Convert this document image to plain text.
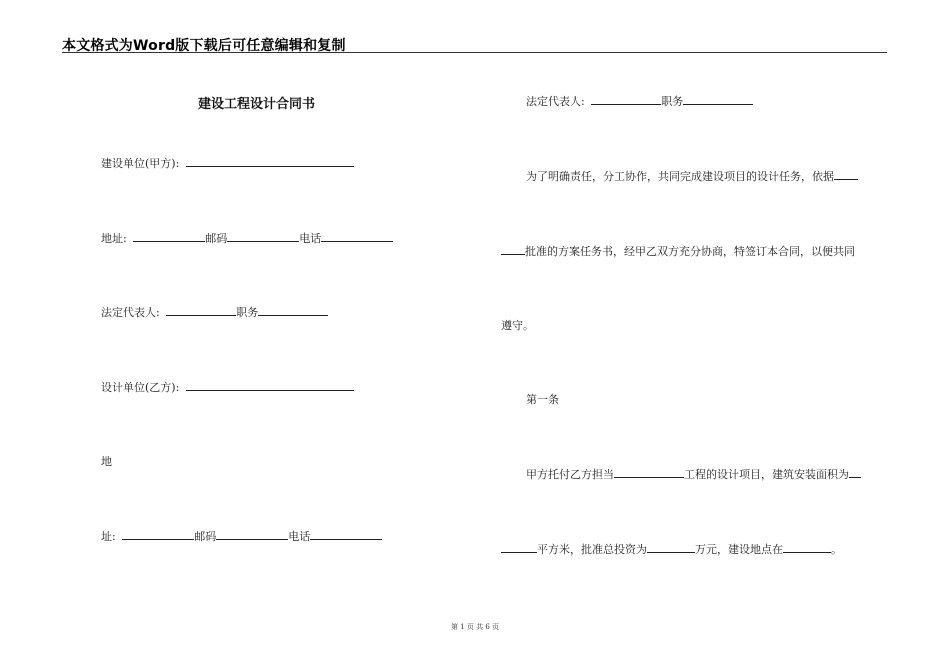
本文格式为Word版下载后可任意编辑和复制
建设工程设计合同书
建设单位(甲方):
地址:	邮码	电话
法定代表人:	职务
设计单位(乙方):
地
址:	邮码	电话
法定代表人:	职务
为了明确责任，分工协作，共同完成建设项目的设计任务，依据
批准的方案任务书，经甲乙双方充分协商，特签订本合同，以便共同
遵守。
第一条
甲方托付乙方担当	工程的设计项目，建筑安装面积为
平方米，批准总投资为	万元，建设地点在	。
第 1 页 共 6 页
